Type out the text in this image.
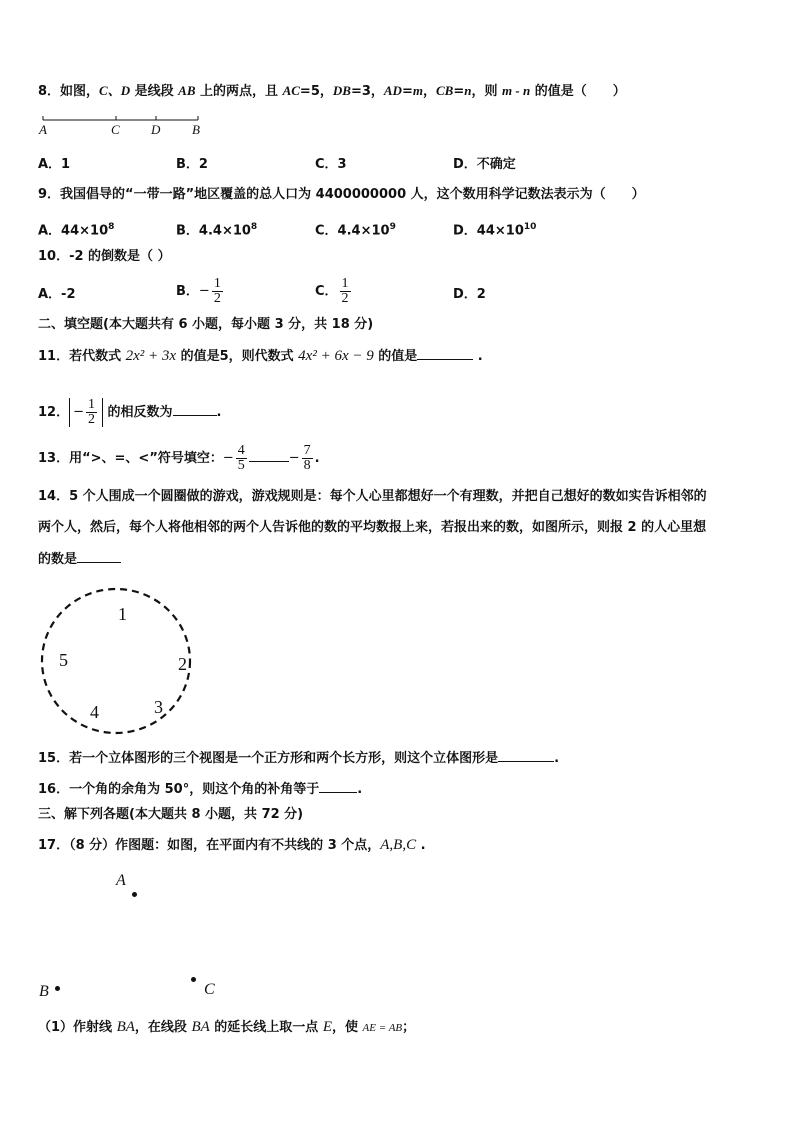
8．如图，C、D 是线段 AB 上的两点，且 AC=5，DB=3，AD=m，CB=n，则 m - n 的值是（　　）
A	C D B
A．1	B．2	C．3	D．不确定
9．我国倡导的“一带一路”地区覆盖的总人口为 4400000000 人，这个数用科学记数法表示为（　　）
A．$44\times 10^8$	B．$4.4\times 10^8$	C．$4.4\times 10^9$	D．$44\times 10^{10}$
10．-2 的倒数是（ ）
A．-2	B．− $\frac{1}{2}$	C． $\frac{1}{2}$	D．2
二、填空题(本大题共有 6 小题，每小题 3 分，共 18 分)
11．若代数式 2x² + 3x 的值是5，则代数式 4x² + 6x − 9 的值是	.
12． − $\frac{1}{2}$ 的相反数为	.
13．用“>、=、<”符号填空：− $\frac{4}{5}$	− $\frac{7}{8}$ .
14．5 个人围成一个圆圈做的游戏，游戏规则是：每个人心里都想好一个有理数，并把自己想好的数如实告诉相邻的
两个人，然后，每个人将他相邻的两个人告诉他的数的平均数报上来，若报出来的数，如图所示，则报 2 的人心里想
的数是
1
2
3
4
5
15．若一个立体图形的三个视图是一个正方形和两个长方形，则这个立体图形是	.
16．一个角的余角为 50°，则这个角的补角等于	.
三、解下列各题(本大题共 8 小题，共 72 分)
17．（8 分）作图题：如图，在平面内有不共线的 3 个点，A,B,C .
A
B	C
（1）作射线 BA，在线段 BA 的延长线上取一点 E，使 AE = AB；
